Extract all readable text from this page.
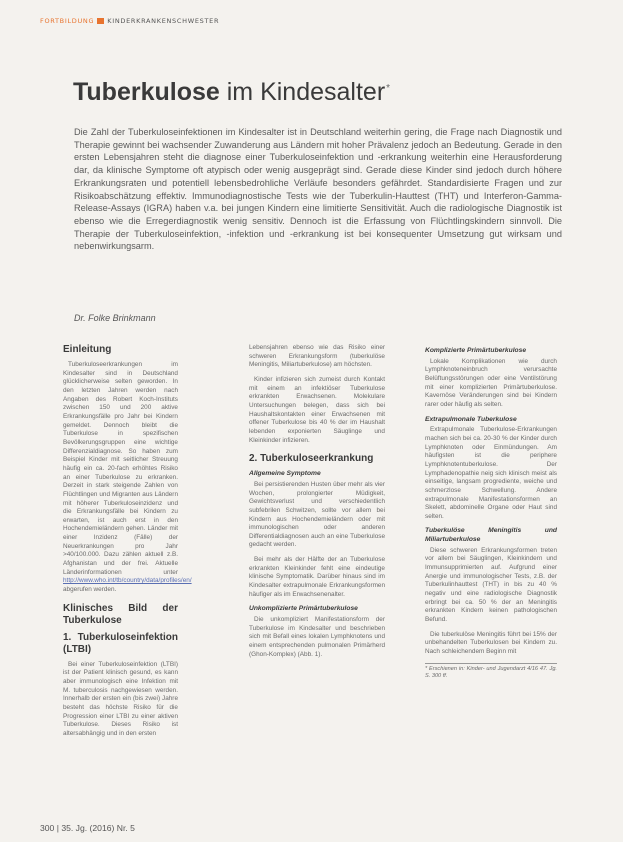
FORTBILDUNG KINDERKRANKENSCHWESTER
Tuberkulose im Kindesalter*
Die Zahl der Tuberkuloseinfektionen im Kindesalter ist in Deutschland weiterhin gering, die Frage nach Diagnostik und Therapie gewinnt bei wachsender Zuwanderung aus Ländern mit hoher Prävalenz jedoch an Bedeutung. Gerade in den ersten Lebensjahren steht die diagnose einer Tuberkuloseinfektion und -erkrankung weiterhin eine Herausforderung dar, da klinische Symptome oft atypisch oder wenig ausgeprägt sind. Gerade diese Kinder sind jedoch durch höhere Erkrankungsraten und potentiell lebensbedrohliche Verläufe besonders gefährdet. Standardisierte Fragen und zur Risikoabschätzung effektiv. Immunodiagnostische Tests wie der Tuberkulin-Hauttest (THT) und Interferon-Gamma-Release-Assays (IGRA) haben v.a. bei jungen Kindern eine limitierte Sensitivität. Auch die radiologische Diagnostik ist ebenso wie die Erregerdiagnostik wenig sensitiv. Dennoch ist die Erfassung von Flüchtlingskindern sinnvoll. Die Therapie der Tuberkuloseinfektion, -infektion und -erkrankung ist bei konsequenter Umsetzung gut wirksam und nebenwirkungsarm.
Dr. Folke Brinkmann
Einleitung

Tuberkuloseerkrankungen im Kindesalter sind in Deutschland glücklicherweise selten geworden. In den letzten Jahren werden nach Angaben des Robert Koch-Instituts zwischen 150 und 200 aktive Erkrankungsfälle pro Jahr bei Kindern gemeldet. Dennoch bleibt die Tuberkulose in spezifischen Bevölkerungsgruppen eine wichtige Differenzialdiagnose. So haben zum Beispiel Kinder mit seitlicher Streuung häufig ein ca. 20-fach erhöhtes Risiko an einer Tuberkulose zu erkranken. Derzeit in stark steigende Zahlen von Flüchtlingen und Migranten aus Ländern mit höherer Tuberkuloseinzidenz und die Erkrankungsfälle bei Kindern zu erwarten, ist auch erst in den Hochendemieländern gehen. Länder mit einer Inzidenz (Fälle) der Neuerkrankungen pro Jahr >40/100.000. Dazu zählen aktuell z.B. Afghanistan und der frei. Aktuelle Länderinformationen unter http://www.who.int/tb/country/data/profiles/en/ abgerufen werden.

Klinisches Bild der Tuberkulose
1. Tuberkuloseinfektion (LTBI)

Bei einer Tuberkuloseinfektion (LTBI) ist der Patient klinisch gesund, es kann aber immunologisch eine Infektion mit M. tuberculosis nachgewiesen werden. Innerhalb der ersten ein (bis zwei) Jahre besteht das höchste Risiko für die Progression einer LTBI zu einer aktiven Tuberkulose. Dieses Risiko ist altersabhängig und in den ersten

Lebensjahren ebenso wie das Risiko einer schweren Erkrankungsform (tuberkulöse Meningitis, Miliartuberkulose) am höchsten.

Kinder infizieren sich zumeist durch Kontakt mit einem an infektiöser Tuberkulose erkrankten Erwachsenen. Molekulare Untersuchungen belegen, dass sich bei Haushaltskontakten einer Erwachsenen mit offener Tuberkulose bis 40 % der im Haushalt lebenden exponierten Säuglinge und Kleinkinder infizieren.

2. Tuberkuloseerkrankung
Allgemeine Symptome

Bei persistierenden Husten über mehr als vier Wochen, prolongierter Müdigkeit, Gewichtsverlust und verschiedentlich subfebrilen Schwitzen, sollte vor allem bei Kindern aus Hochendemieländern oder mit immunologischen oder anderen Differentialdiagnosen auch an eine Tuberkulose gedacht werden.

Bei mehr als der Hälfte der an Tuberkulose erkrankten Kleinkinder fehlt eine eindeutige klinische Symptomatik. Darüber hinaus sind im Kindesalter extrapulmonale Erkrankungsformen häufiger als im Erwachsenenalter.

Unkomplizierte Primärtuberkulose

Die unkompliziert Manifestationsform der Tuberkulose im Kindesalter und beschrieben sich mit Befall eines lokalen Lymphknotens und einem entsprechenden pulmonalen Primärherd (Ghon-Komplex) (Abb. 1).

Komplizierte Primärtuberkulose

Lokale Komplikationen wie durch Lymphknoteneinbruch verursachte Belüftungsstörungen oder eine Ventilstörung mit einer komplizierten Primärtuberkulose. Kavernöse Veränderungen sind bei Kindern rarer oder häufig als selten.

Extrapulmonale Tuberkulose

Extrapulmonale Tuberkulose-Erkrankungen machen sich bei ca. 20-30 % der Kinder durch Lymphknoten oder Einmündungen. Am häufigsten ist die periphere Lymphknotentuberkulose. Der Lymphadenopathie neig sich klinisch meist als einseitige, langsam progrediente, weiche und schmerzlose Schwellung. Andere extrapulmonale Manifestationsformen an Skelett, abdominelle Organe oder Haut sind selten.

Tuberkulöse Meningitis und Miliartuberkulose

Diese schweren Erkrankungsformen treten vor allem bei Säuglingen, Kleinkindern und Immunsupprimierten auf. Aufgrund einer Anergie und immunologischer Tests, z.B. der Tuberkulinhauttest (THT) in bis zu 40 % negativ und eine radiologische Diagnostik erbringt bei ca. 50 % der an Meningitis erkrankten Kindern keinen pathologischen Befund.

Die tuberkulöse Meningitis führt bei 15% der unbehandelten Tuberkulosen bei Kindern zu. Nach schleichendem Beginn mit

* Erschienen in: Kinder- und Jugendarzt 4/16 47. Jg. S. 300 ff.
300 | 35. Jg. (2016) Nr. 5
